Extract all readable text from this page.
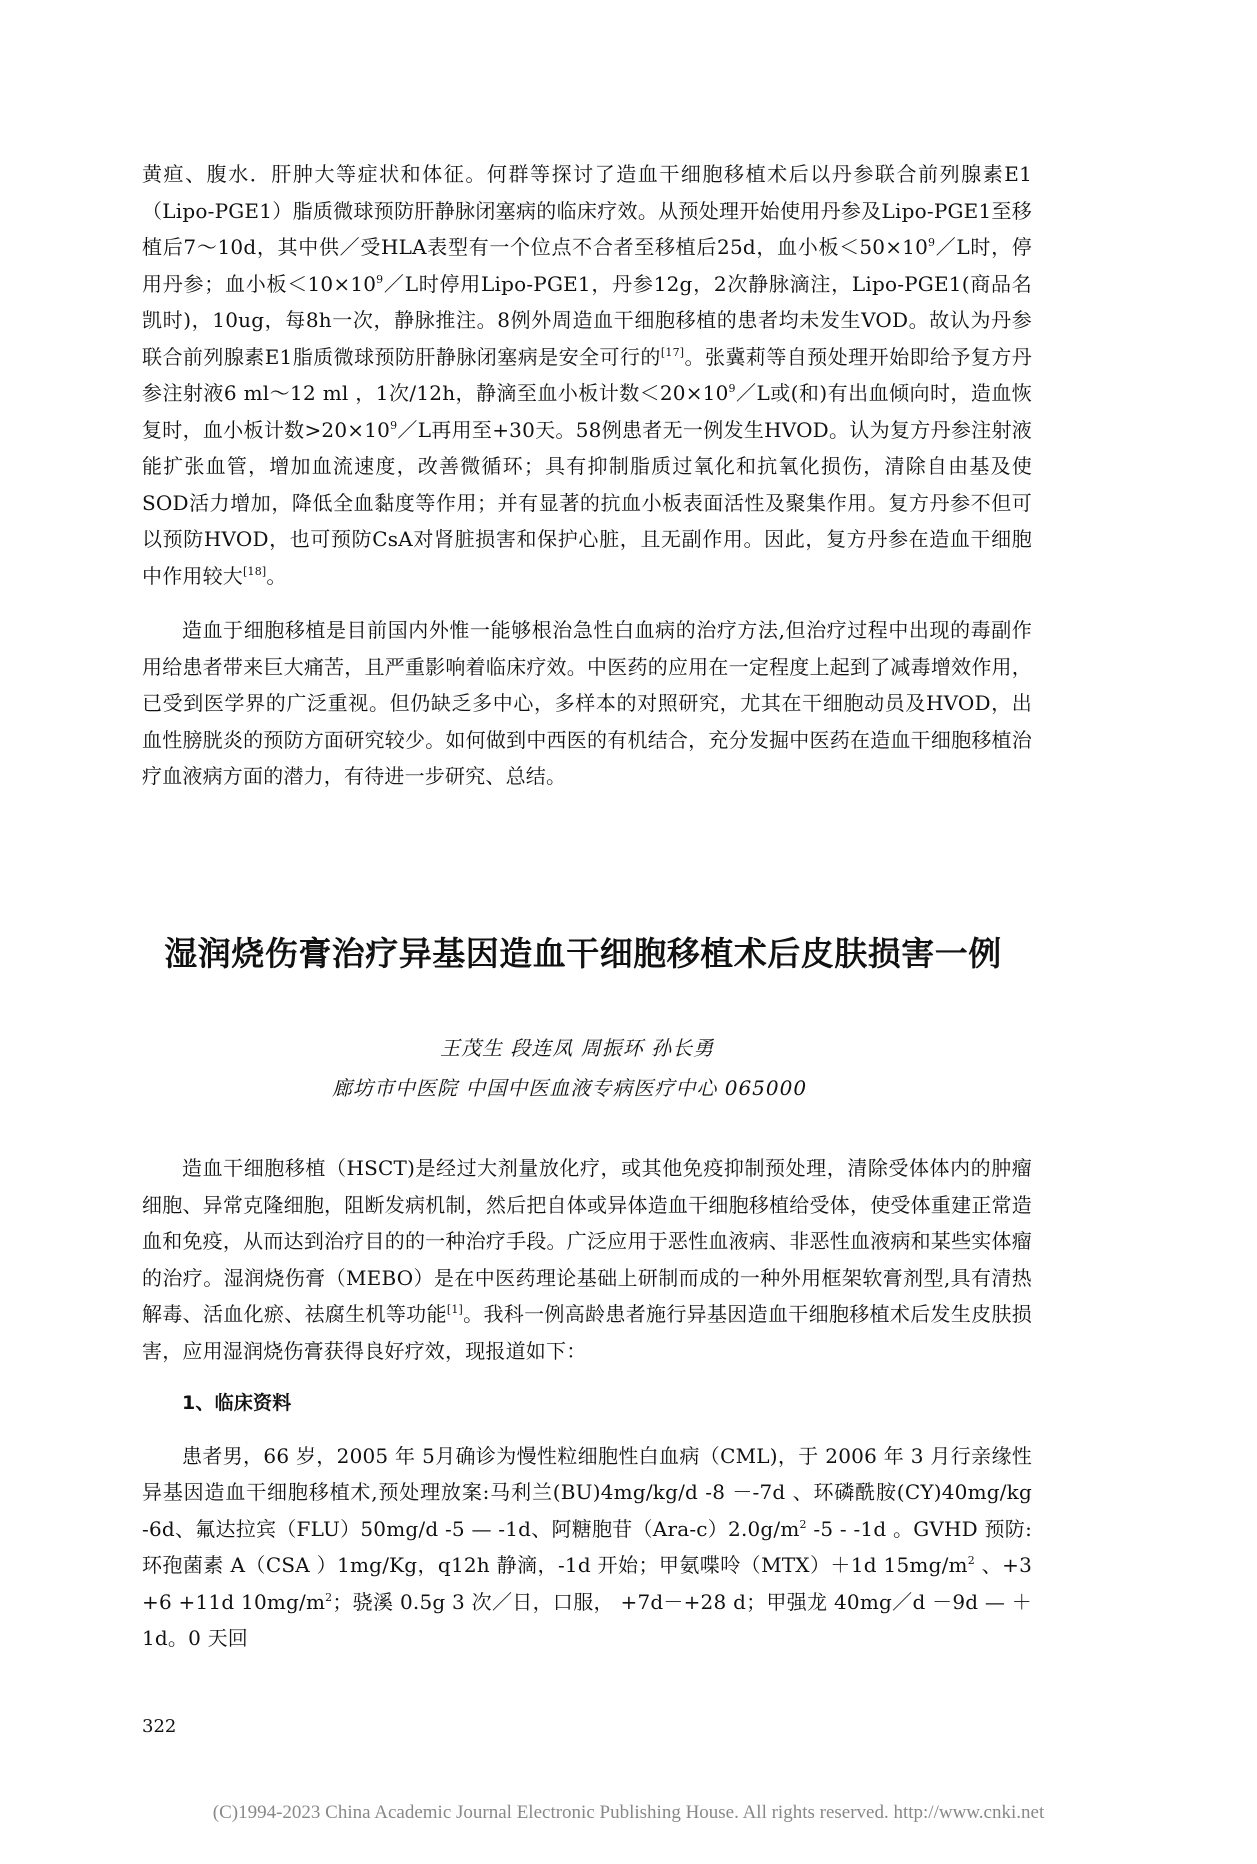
黄疸、腹水．肝肿大等症状和体征。何群等探讨了造血干细胞移植术后以丹参联合前列腺素E1（Lipo-PGE1）脂质微球预防肝静脉闭塞病的临床疗效。从预处理开始使用丹参及Lipo-PGE1至移植后7～10d，其中供／受HLA表型有一个位点不合者至移植后25d，血小板$<50\times 10^9/L$时，停用丹参；血小板$<10\times 10^9/L$时停用Lipo-PGE1，丹参12g，2次静脉滴注，Lipo-PGE1(商品名凯时)，10ug，每8h一次，静脉推注。8例外周造血干细胞移植的患者均未发生VOD。故认为丹参联合前列腺素E1脂质微球预防肝静脉闭塞病是安全可行的[17]。张冀莉等自预处理开始即给予复方丹参注射液6 ml～12 ml ，1次/12h，静滴至血小板计数$<20\times 10^9/L$或(和)有出血倾向时，造血恢复时，血小板计数$>20\times 10^9/L$再用至+30天。58例患者无一例发生HVOD。认为复方丹参注射液能扩张血管，增加血流速度，改善微循环；具有抑制脂质过氧化和抗氧化损伤，清除自由基及使SOD活力增加，降低全血黏度等作用；并有显著的抗血小板表面活性及聚集作用。复方丹参不但可以预防HVOD，也可预防CsA对肾脏损害和保护心脏，且无副作用。因此，复方丹参在造血干细胞中作用较大[18]。

造血于细胞移植是目前国内外惟一能够根治急性白血病的治疗方法,但治疗过程中出现的毒副作用给患者带来巨大痛苦，且严重影响着临床疗效。中医药的应用在一定程度上起到了减毒增效作用，已受到医学界的广泛重视。但仍缺乏多中心，多样本的对照研究，尤其在干细胞动员及HVOD，出血性膀胱炎的预防方面研究较少。如何做到中西医的有机结合，充分发掘中医药在造血干细胞移植治疗血液病方面的潜力，有待进一步研究、总结。

湿润烧伤膏治疗异基因造血干细胞移植术后皮肤损害一例
王茂生 段连凤 周振环 孙长勇
廊坊市中医院 中国中医血液专病医疗中心 065000

造血干细胞移植（HSCT)是经过大剂量放化疗，或其他免疫抑制预处理，清除受体体内的肿瘤细胞、异常克隆细胞，阻断发病机制，然后把自体或异体造血干细胞移植给受体，使受体重建正常造血和免疫，从而达到治疗目的的一种治疗手段。广泛应用于恶性血液病、非恶性血液病和某些实体瘤的治疗。湿润烧伤膏（MEBO）是在中医药理论基础上研制而成的一种外用框架软膏剂型,具有清热解毒、活血化瘀、祛腐生机等功能[1]。我科一例高龄患者施行异基因造血干细胞移植术后发生皮肤损害，应用湿润烧伤膏获得良好疗效，现报道如下：

1、临床资料

患者男，66 岁，2005 年 5月确诊为慢性粒细胞性白血病（CML)，于 2006 年 3 月行亲缘性异基因造血干细胞移植术,预处理放案:马利兰(BU)4mg/kg/d -8 －-7d 、环磷酰胺(CY)40mg/kg -6d、氟达拉宾（FLU）50mg/d -5 — -1d、阿糖胞苷$(Ara-c)2.0g/m^2$ -5 - -1d 。GVHD 预防:环孢菌素 A（CSA ）1mg/Kg，q12h 静滴，-1d 开始；甲氨喋呤（MTX）＋1d $15mg/m^2$ 、+3 +6 +11d $10mg/m^2$；骁溪 0.5g 3 次／日，口服， +7d－+28 d；甲强龙 40mg／d －9d — ＋1d。0 天回

322
(C)1994-2023 China Academic Journal Electronic Publishing House. All rights reserved. http://www.cnki.net
